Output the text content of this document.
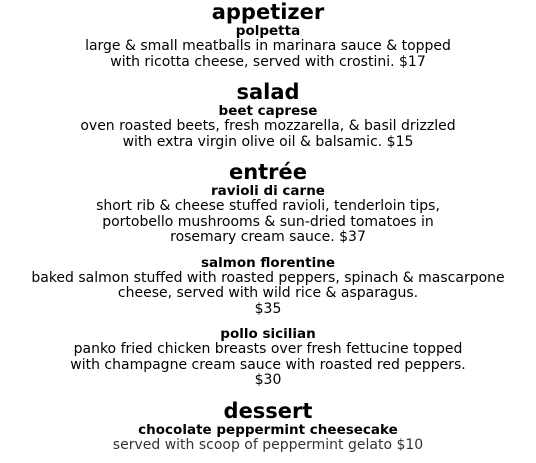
appetizer
polpetta
large & small meatballs in marinara sauce & topped
with ricotta cheese, served with crostini. $17
salad
beet caprese
oven roasted beets, fresh mozzarella, & basil drizzled
with extra virgin olive oil & balsamic. $15
entrée
ravioli di carne
short rib & cheese stuffed ravioli, tenderloin tips,
portobello mushrooms & sun-dried tomatoes in
rosemary cream sauce. $37
salmon florentine
baked salmon stuffed with roasted peppers, spinach & mascarpone
cheese, served with wild rice & asparagus.
$35
pollo sicilian
panko fried chicken breasts over fresh fettucine topped
with champagne cream sauce with roasted red peppers.
$30
dessert
chocolate peppermint cheesecake
served with scoop of peppermint gelato $10
